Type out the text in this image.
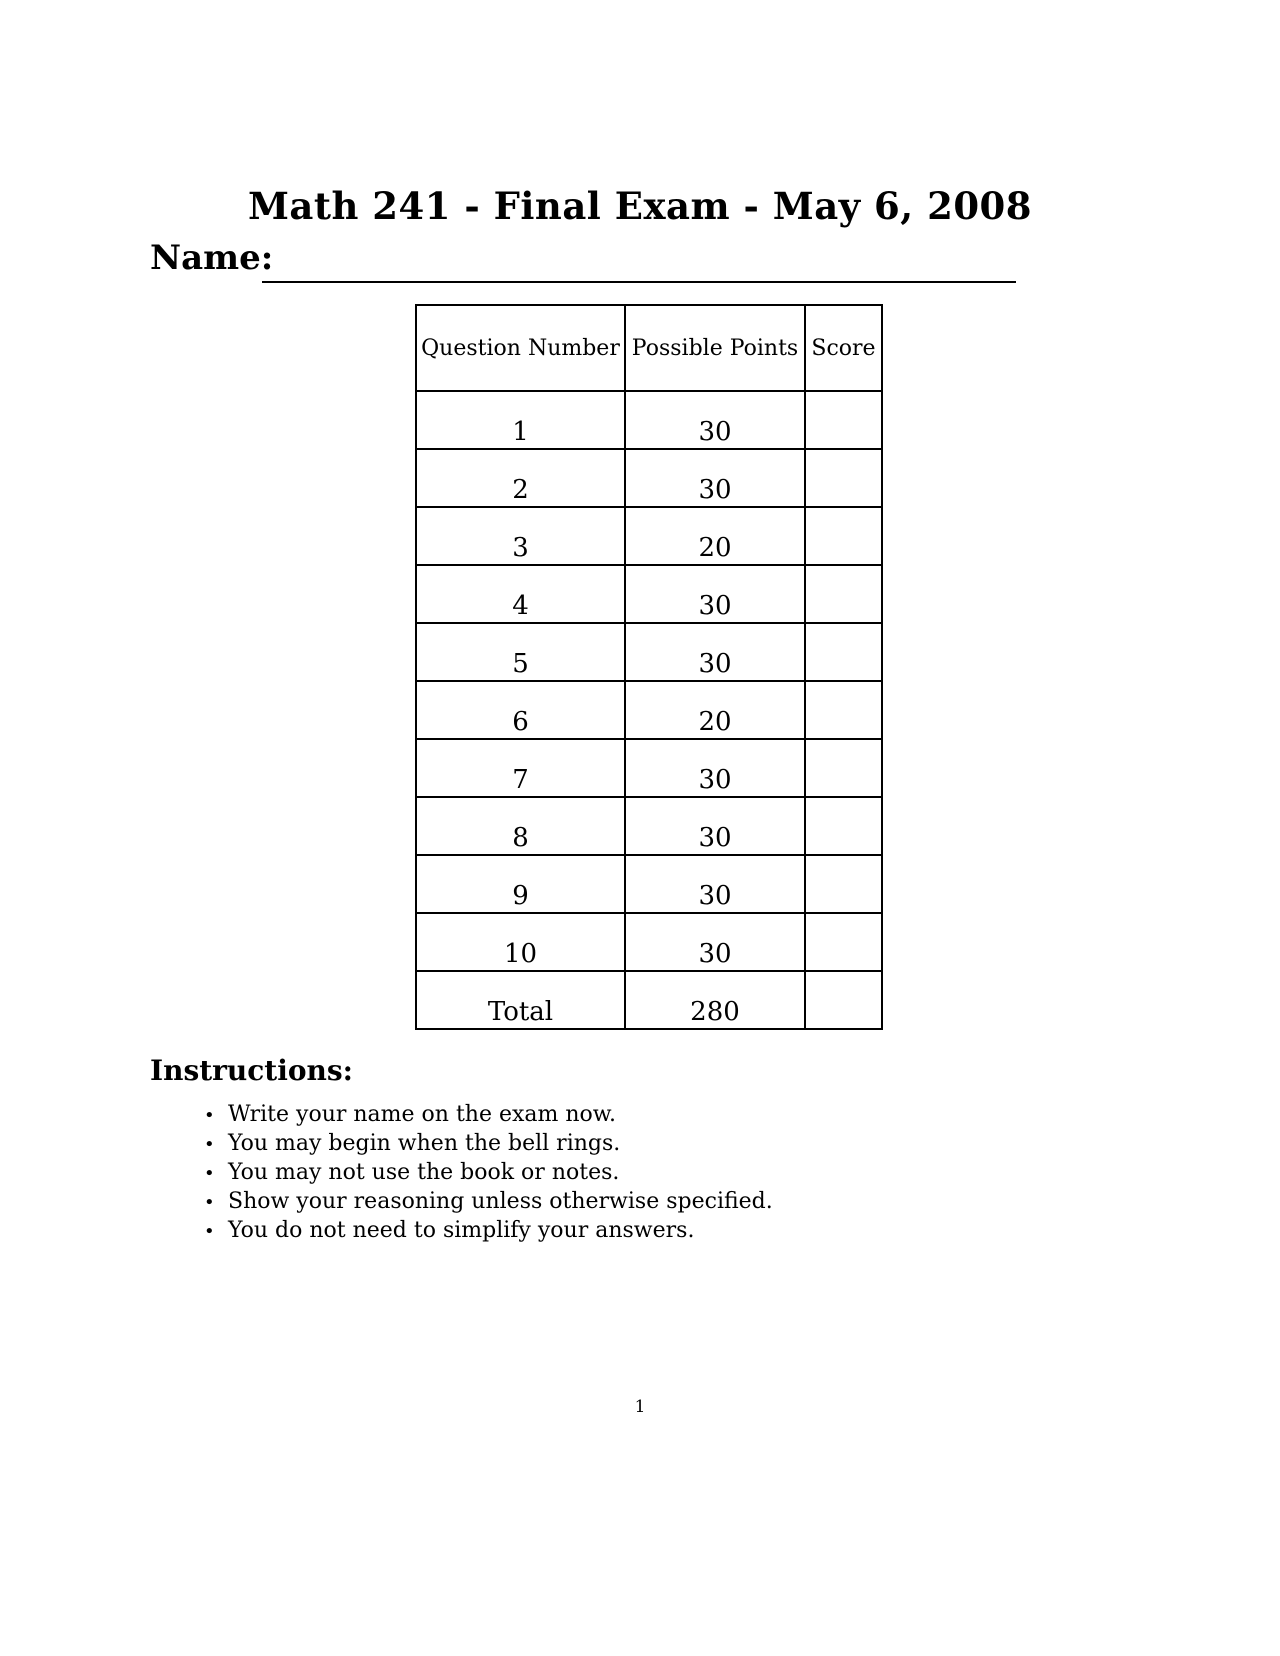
Math 241 - Final Exam - May 6, 2008
Name:
Question Number	Possible Points	Score
1	30	
2	30	
3	20	
4	30	
5	30	
6	20	
7	30	
8	30	
9	30	
10	30	
Total	280	
Instructions:
• Write your name on the exam now.
• You may begin when the bell rings.
• You may not use the book or notes.
• Show your reasoning unless otherwise specified.
• You do not need to simplify your answers.
1
